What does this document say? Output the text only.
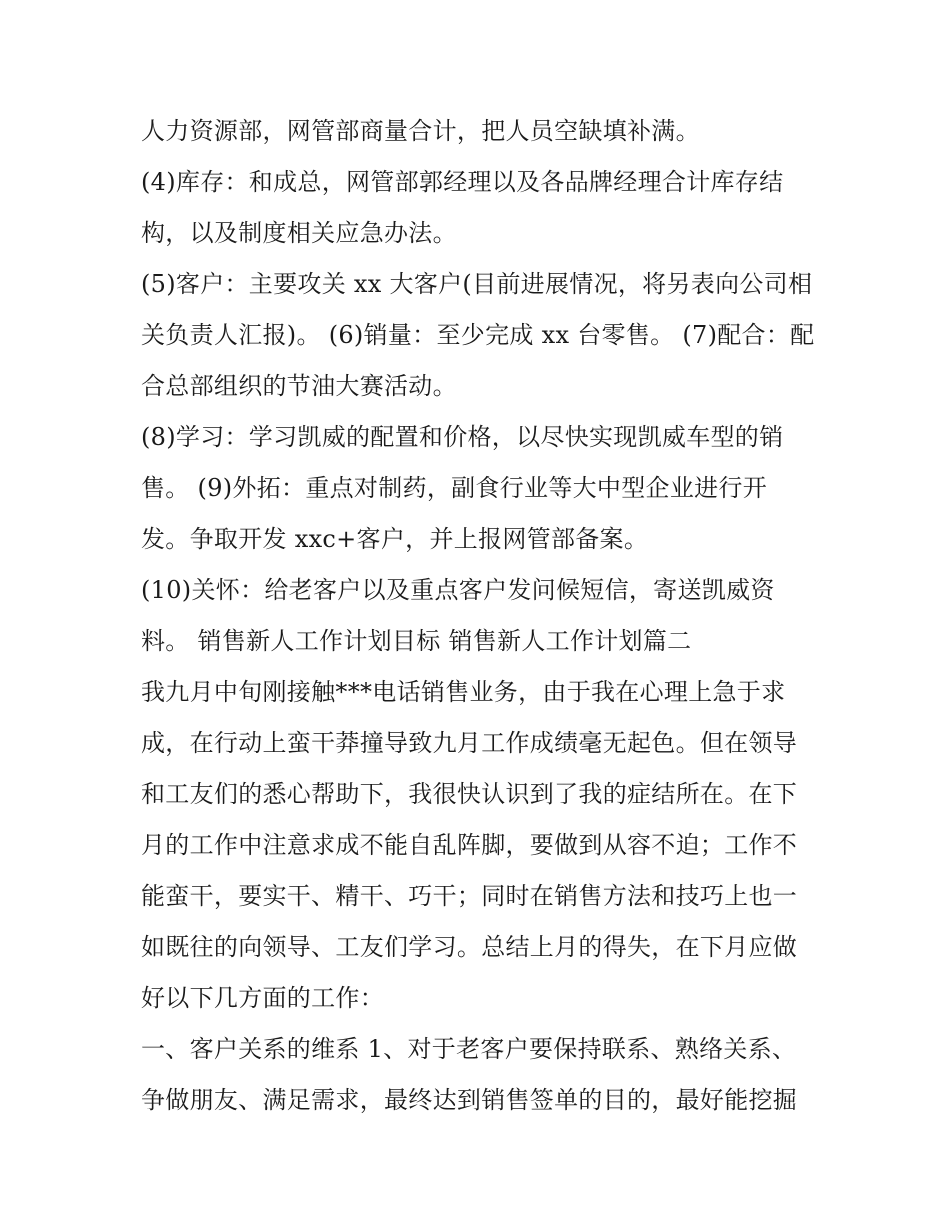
人力资源部，网管部商量合计，把人员空缺填补满。
(4)库存：和成总，网管部郭经理以及各品牌经理合计库存结
构，以及制度相关应急办法。
(5)客户：主要攻关 xx 大客户(目前进展情况，将另表向公司相
关负责人汇报)。 (6)销量：至少完成 xx 台零售。 (7)配合：配
合总部组织的节油大赛活动。
(8)学习：学习凯威的配置和价格，以尽快实现凯威车型的销
售。 (9)外拓：重点对制药，副食行业等大中型企业进行开
发。争取开发 xxc+客户，并上报网管部备案。
(10)关怀：给老客户以及重点客户发问候短信，寄送凯威资
料。 销售新人工作计划目标 销售新人工作计划篇二
我九月中旬刚接触***电话销售业务，由于我在心理上急于求
成，在行动上蛮干莽撞导致九月工作成绩毫无起色。但在领导
和工友们的悉心帮助下，我很快认识到了我的症结所在。在下
月的工作中注意求成不能自乱阵脚，要做到从容不迫；工作不
能蛮干，要实干、精干、巧干；同时在销售方法和技巧上也一
如既往的向领导、工友们学习。总结上月的得失，在下月应做
好以下几方面的工作：
一、客户关系的维系 1、对于老客户要保持联系、熟络关系、
争做朋友、满足需求，最终达到销售签单的目的，最好能挖掘
